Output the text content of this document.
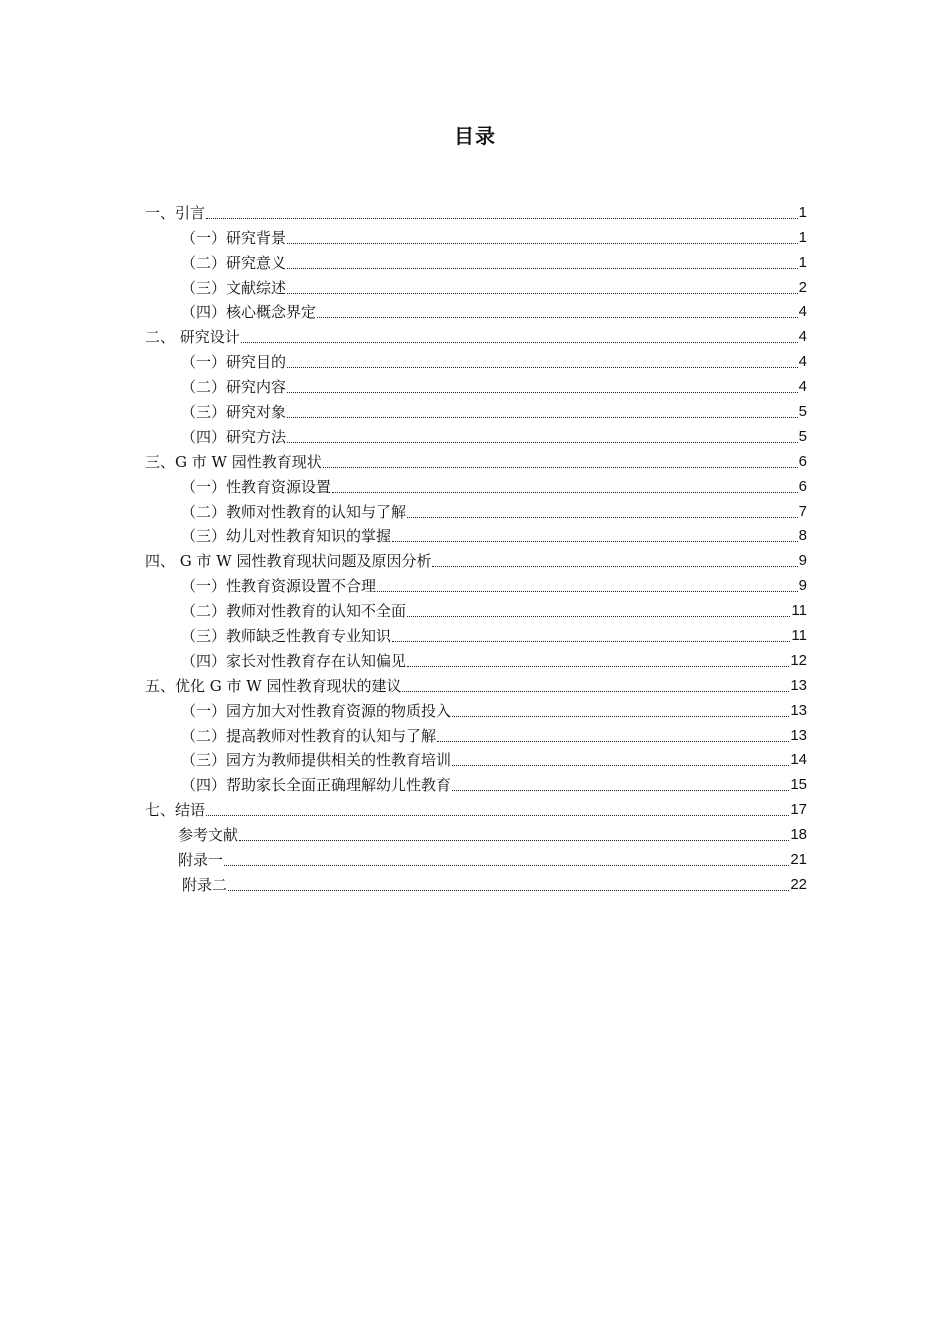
目录
一、引言	1
（一）研究背景	1
（二）研究意义	1
（三）文献综述	2
（四）核心概念界定	4
二、 研究设计	4
（一）研究目的	4
（二）研究内容	4
（三）研究对象	5
（四）研究方法	5
三、G 市 W 园性教育现状	6
（一）性教育资源设置	6
（二）教师对性教育的认知与了解	7
（三）幼儿对性教育知识的掌握	8
四、 G 市 W 园性教育现状问题及原因分析	9
（一）性教育资源设置不合理	9
（二）教师对性教育的认知不全面	11
（三）教师缺乏性教育专业知识	11
（四）家长对性教育存在认知偏见	12
五、优化 G 市 W 园性教育现状的建议	13
（一）园方加大对性教育资源的物质投入	13
（二）提高教师对性教育的认知与了解	13
（三）园方为教师提供相关的性教育培训	14
（四）帮助家长全面正确理解幼儿性教育	15
七、结语	17
参考文献	18
附录一	21
附录二	22
